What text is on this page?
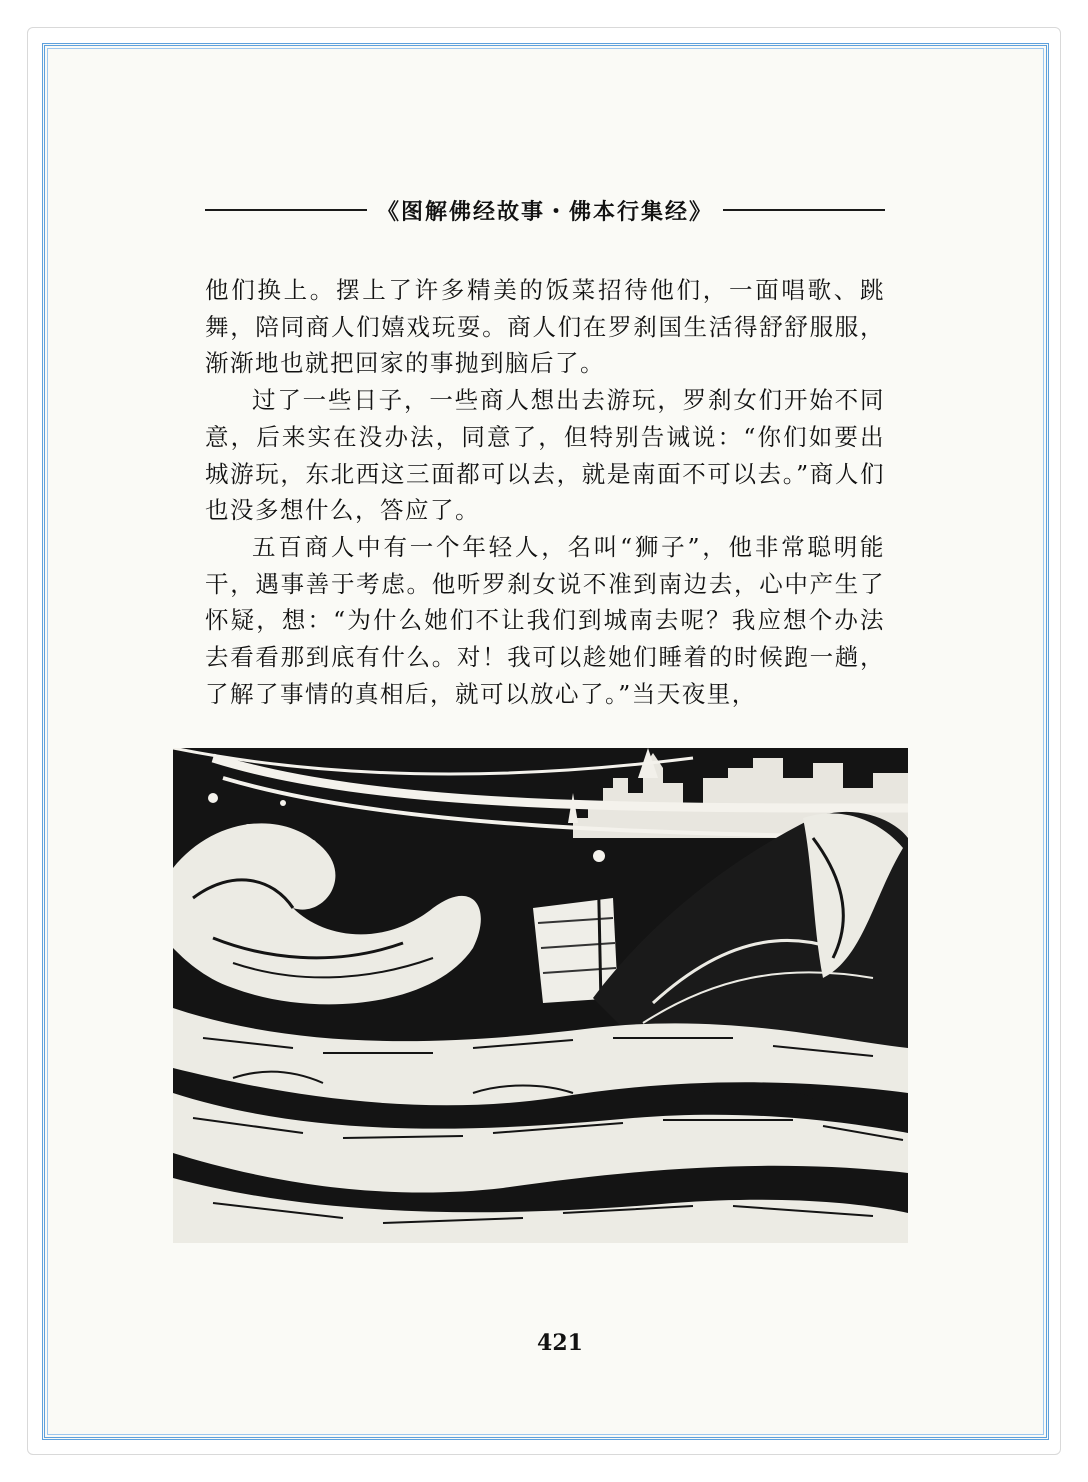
《图解佛经故事・佛本行集经》

他们换上。摆上了许多精美的饭菜招待他们，一面唱歌、跳舞，陪同商人们嬉戏玩耍。商人们在罗刹国生活得舒舒服服，渐渐地也就把回家的事抛到脑后了。

过了一些日子，一些商人想出去游玩，罗刹女们开始不同意，后来实在没办法，同意了，但特别告诫说：“你们如要出城游玩，东北西这三面都可以去，就是南面不可以去。”商人们也没多想什么，答应了。

五百商人中有一个年轻人，名叫“狮子”，他非常聪明能干，遇事善于考虑。他听罗刹女说不准到南边去，心中产生了怀疑，想：“为什么她们不让我们到城南去呢？我应想个办法去看看那到底有什么。对！我可以趁她们睡着的时候跑一趟，了解了事情的真相后，就可以放心了。”当天夜里，

421
